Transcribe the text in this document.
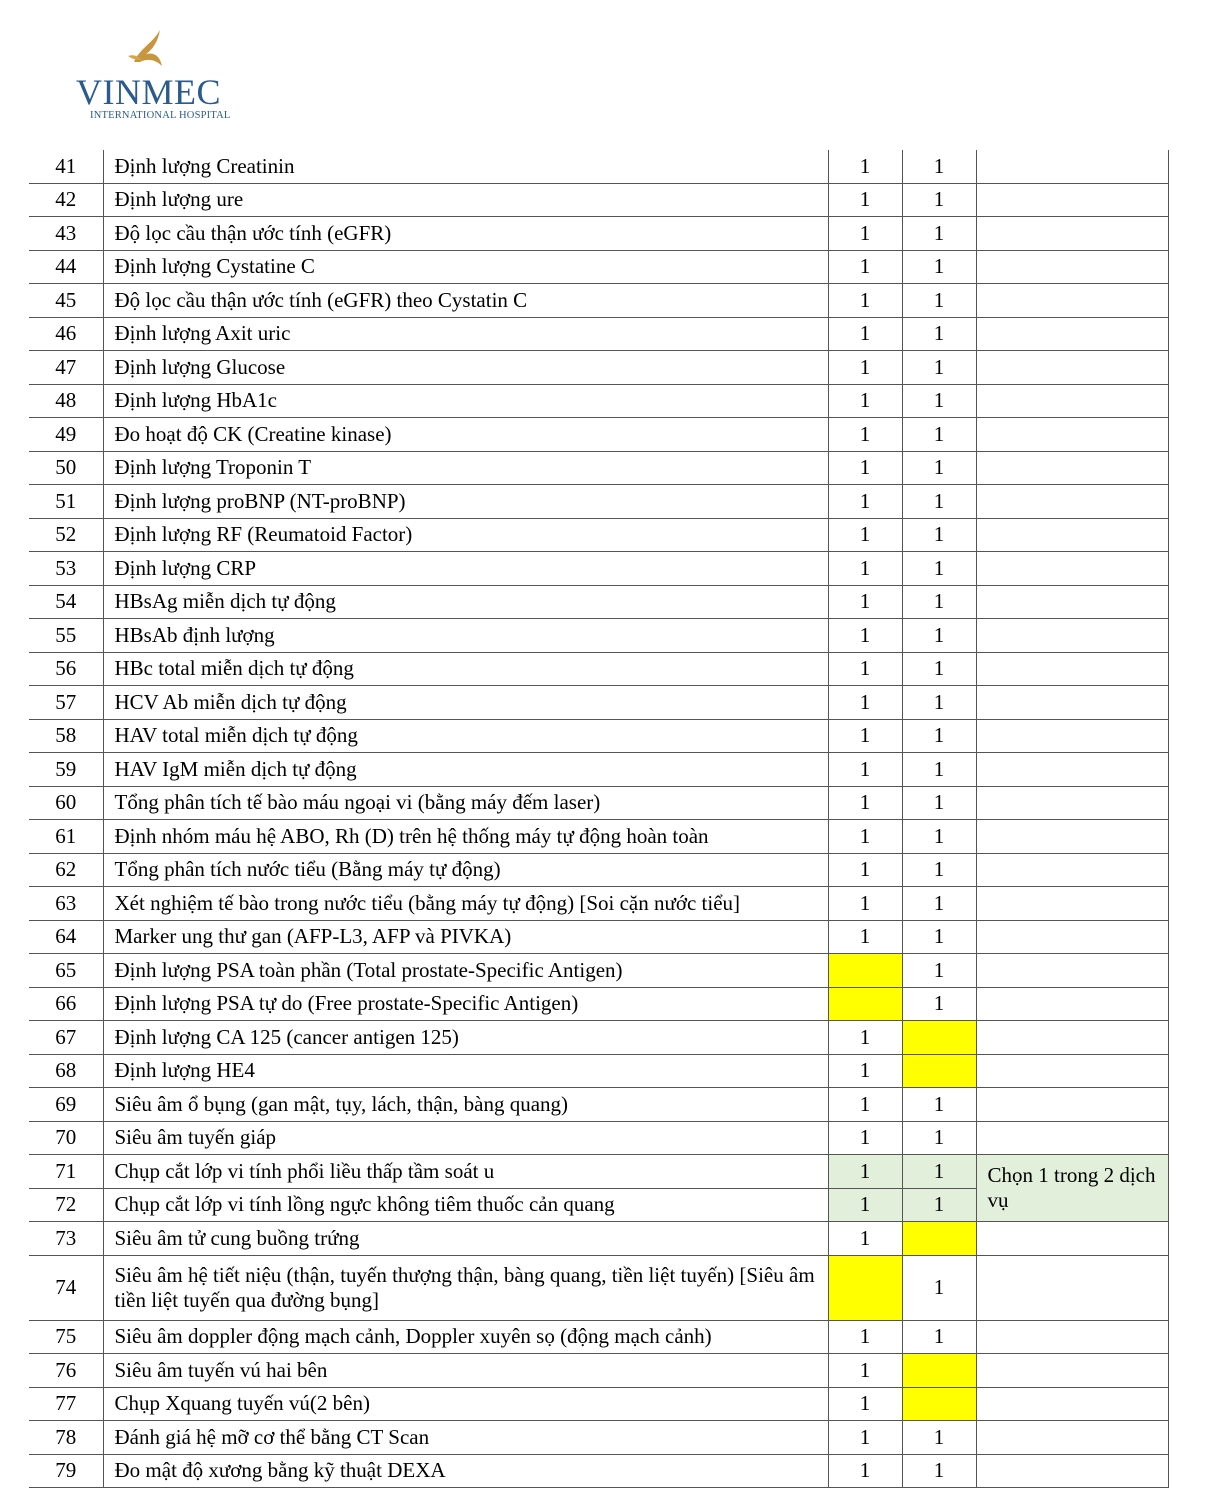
VINMEC
INTERNATIONAL HOSPITAL
41	Định lượng Creatinin	1	1	
42	Định lượng ure	1	1	
43	Độ lọc cầu thận ước tính (eGFR)	1	1	
44	Định lượng Cystatine C	1	1	
45	Độ lọc cầu thận ước tính (eGFR) theo Cystatin C	1	1	
46	Định lượng Axit uric	1	1	
47	Định lượng Glucose	1	1	
48	Định lượng HbA1c	1	1	
49	Đo hoạt độ CK (Creatine kinase)	1	1	
50	Định lượng Troponin T	1	1	
51	Định lượng proBNP (NT-proBNP)	1	1	
52	Định lượng RF (Reumatoid Factor)	1	1	
53	Định lượng CRP	1	1	
54	HBsAg miễn dịch tự động	1	1	
55	HBsAb định lượng	1	1	
56	HBc total miễn dịch tự động	1	1	
57	HCV Ab miễn dịch tự động	1	1	
58	HAV total miễn dịch tự động	1	1	
59	HAV IgM miễn dịch tự động	1	1	
60	Tổng phân tích tế bào máu ngoại vi (bằng máy đếm laser)	1	1	
61	Định nhóm máu hệ ABO, Rh (D) trên hệ thống máy tự động hoàn toàn	1	1	
62	Tổng phân tích nước tiểu (Bằng máy tự động)	1	1	
63	Xét nghiệm tế bào trong nước tiểu (bằng máy tự động) [Soi cặn nước tiểu]	1	1	
64	Marker ung thư gan (AFP-L3, AFP và PIVKA)	1	1	
65	Định lượng PSA toàn phần (Total prostate-Specific Antigen)		1	
66	Định lượng PSA tự do (Free prostate-Specific Antigen)		1	
67	Định lượng CA 125 (cancer antigen 125)	1		
68	Định lượng HE4	1		
69	Siêu âm ổ bụng (gan mật, tụy, lách, thận, bàng quang)	1	1	
70	Siêu âm tuyến giáp	1	1	
71	Chụp cắt lớp vi tính phổi liều thấp tầm soát u	1	1	Chọn 1 trong 2 dịch vụ
72	Chụp cắt lớp vi tính lồng ngực không tiêm thuốc cản quang	1	1	
73	Siêu âm tử cung buồng trứng	1		
74	Siêu âm hệ tiết niệu (thận, tuyến thượng thận, bàng quang, tiền liệt tuyến) [Siêu âm tiền liệt tuyến qua đường bụng]		1	
75	Siêu âm doppler động mạch cảnh, Doppler xuyên sọ (động mạch cảnh)	1	1	
76	Siêu âm tuyến vú hai bên	1		
77	Chụp Xquang tuyến vú(2 bên)	1		
78	Đánh giá hệ mỡ cơ thể bằng CT Scan	1	1	
79	Đo mật độ xương bằng kỹ thuật DEXA	1	1	
